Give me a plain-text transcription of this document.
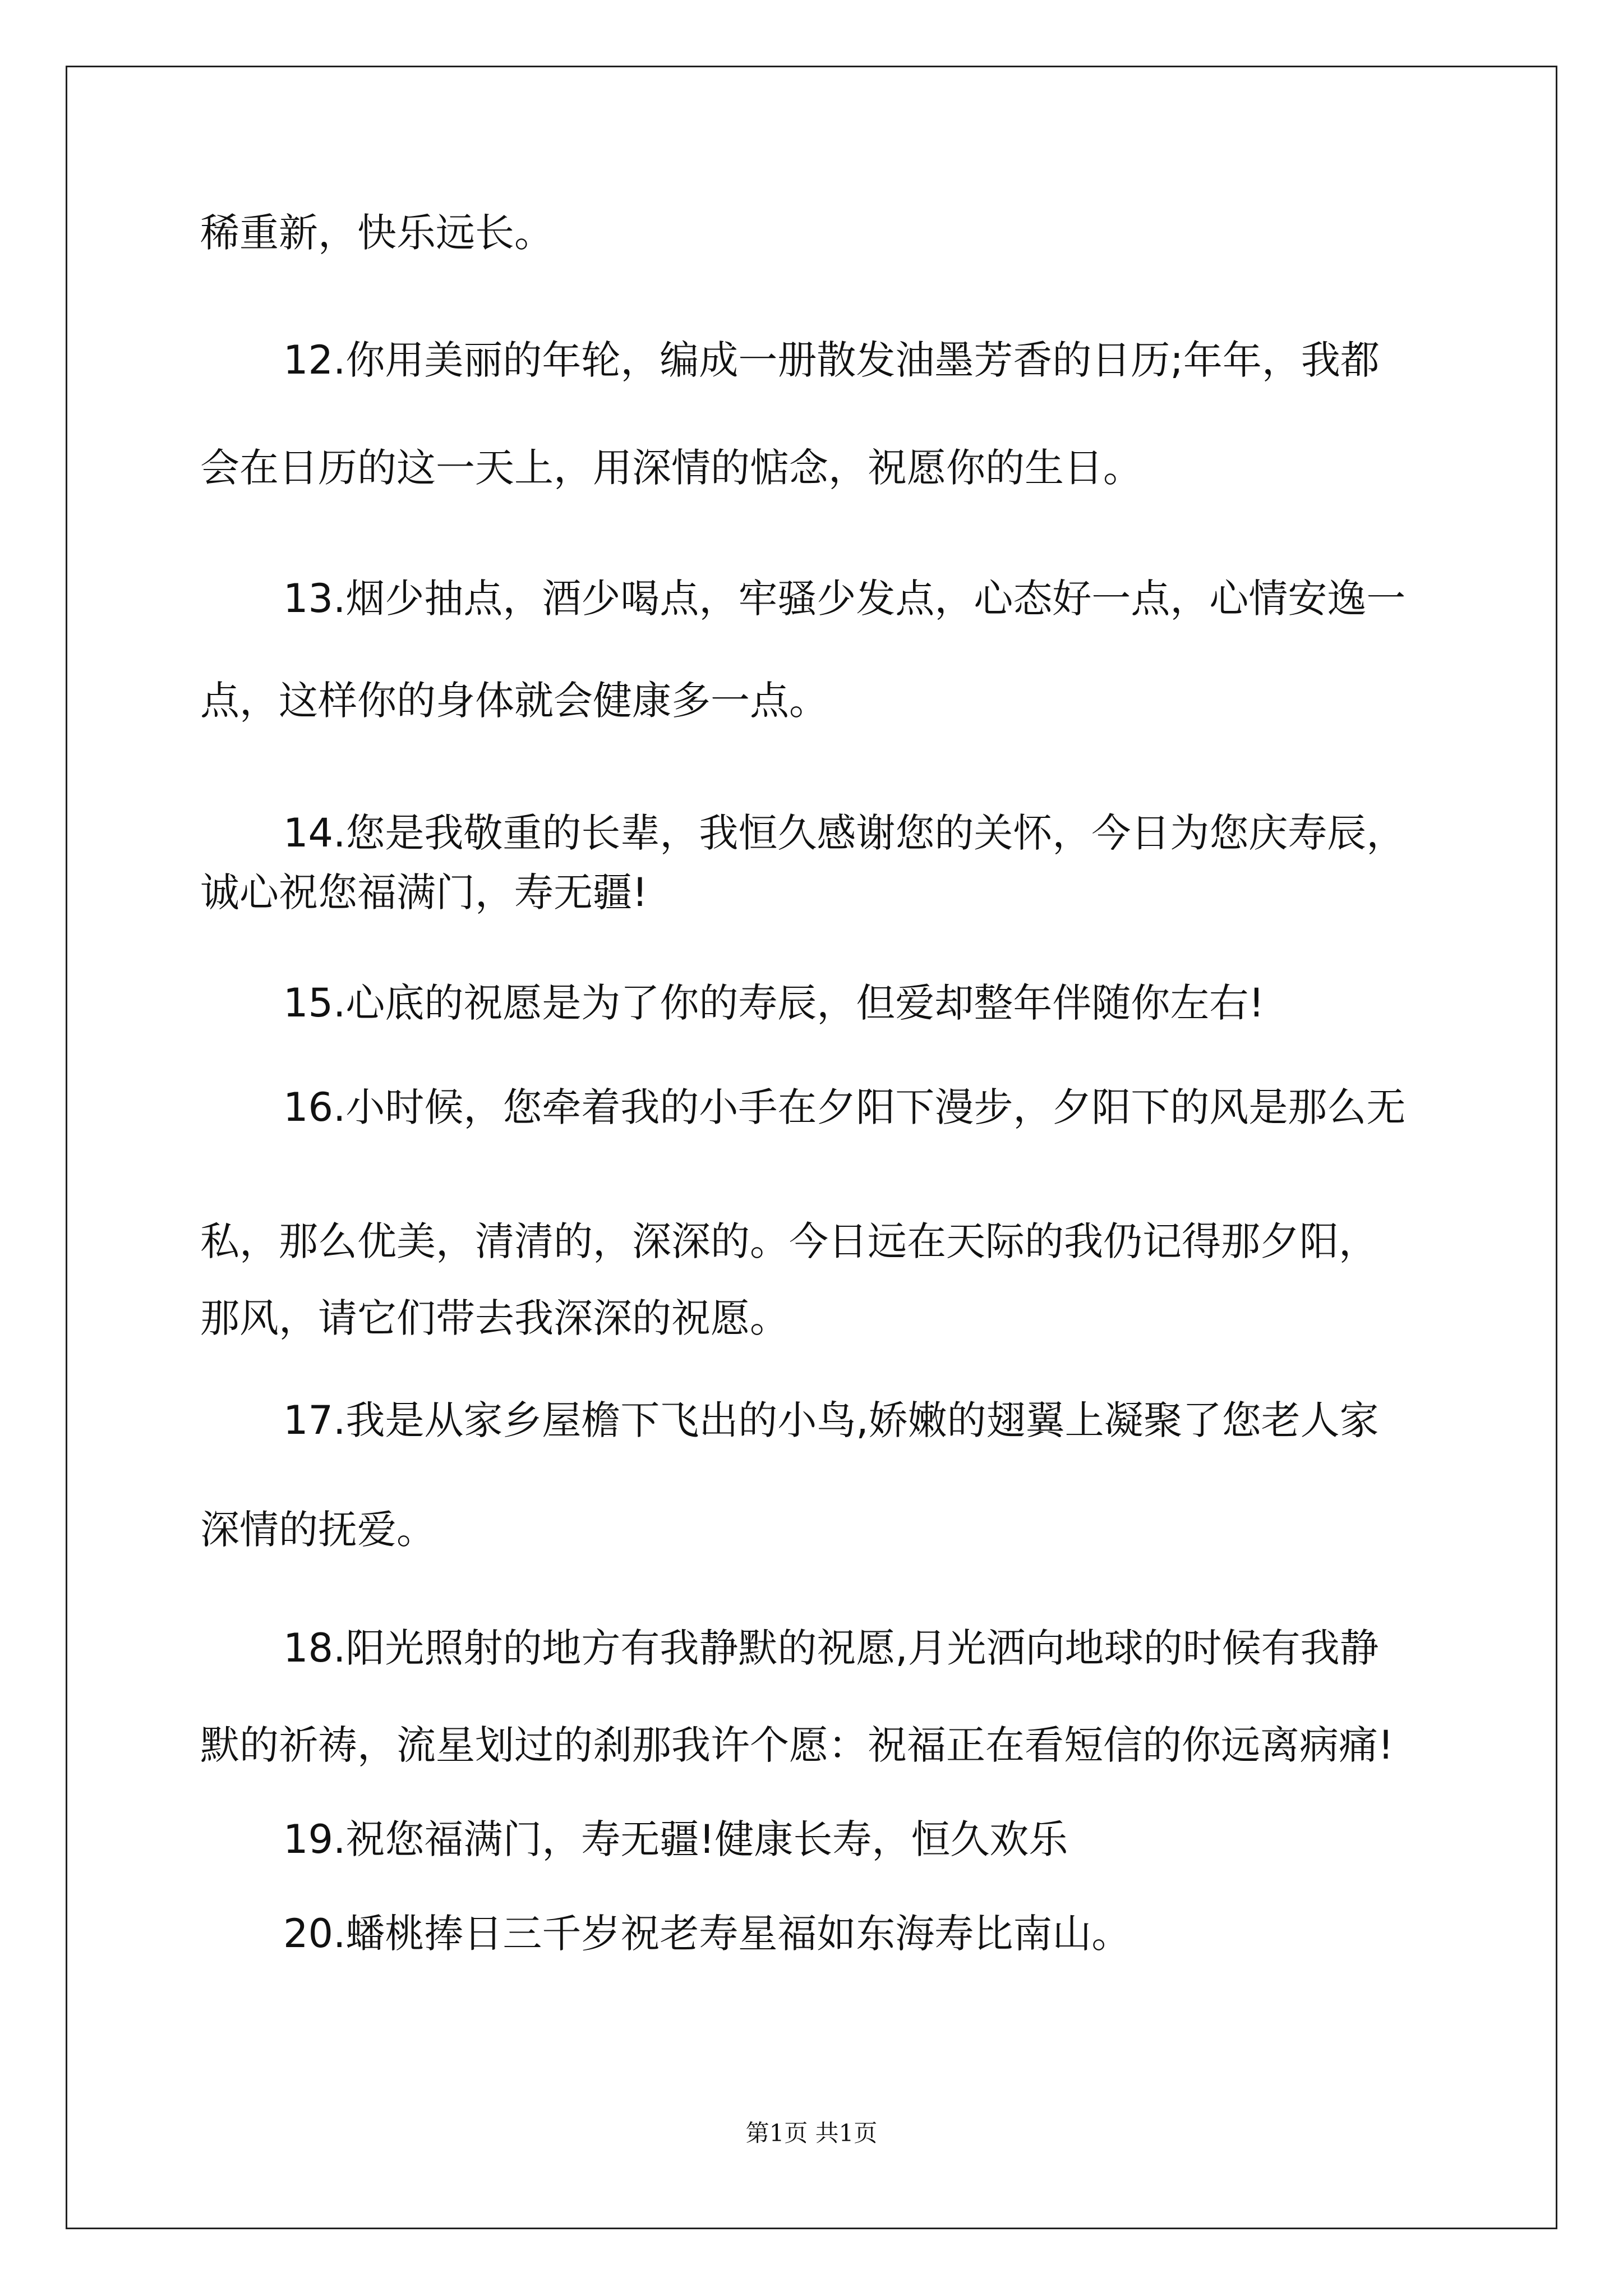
稀重新，快乐远长。
12.你用美丽的年轮，编成一册散发油墨芳香的日历;年年，我都
会在日历的这一天上，用深情的惦念，祝愿你的生日。
13.烟少抽点，酒少喝点，牢骚少发点，心态好一点，心情安逸一
点，这样你的身体就会健康多一点。
14.您是我敬重的长辈，我恒久感谢您的关怀，今日为您庆寿辰，
诚心祝您福满门，寿无疆!
15.心底的祝愿是为了你的寿辰，但爱却整年伴随你左右!
16.小时候，您牵着我的小手在夕阳下漫步，夕阳下的风是那么无
私，那么优美，清清的，深深的。今日远在天际的我仍记得那夕阳，
那风，请它们带去我深深的祝愿。
17.我是从家乡屋檐下飞出的小鸟,娇嫩的翅翼上凝聚了您老人家
深情的抚爱。
18.阳光照射的地方有我静默的祝愿,月光洒向地球的时候有我静
默的祈祷，流星划过的刹那我许个愿：祝福正在看短信的你远离病痛!
19.祝您福满门，寿无疆!健康长寿，恒久欢乐
20.蟠桃捧日三千岁祝老寿星福如东海寿比南山。
第1页 共1页
